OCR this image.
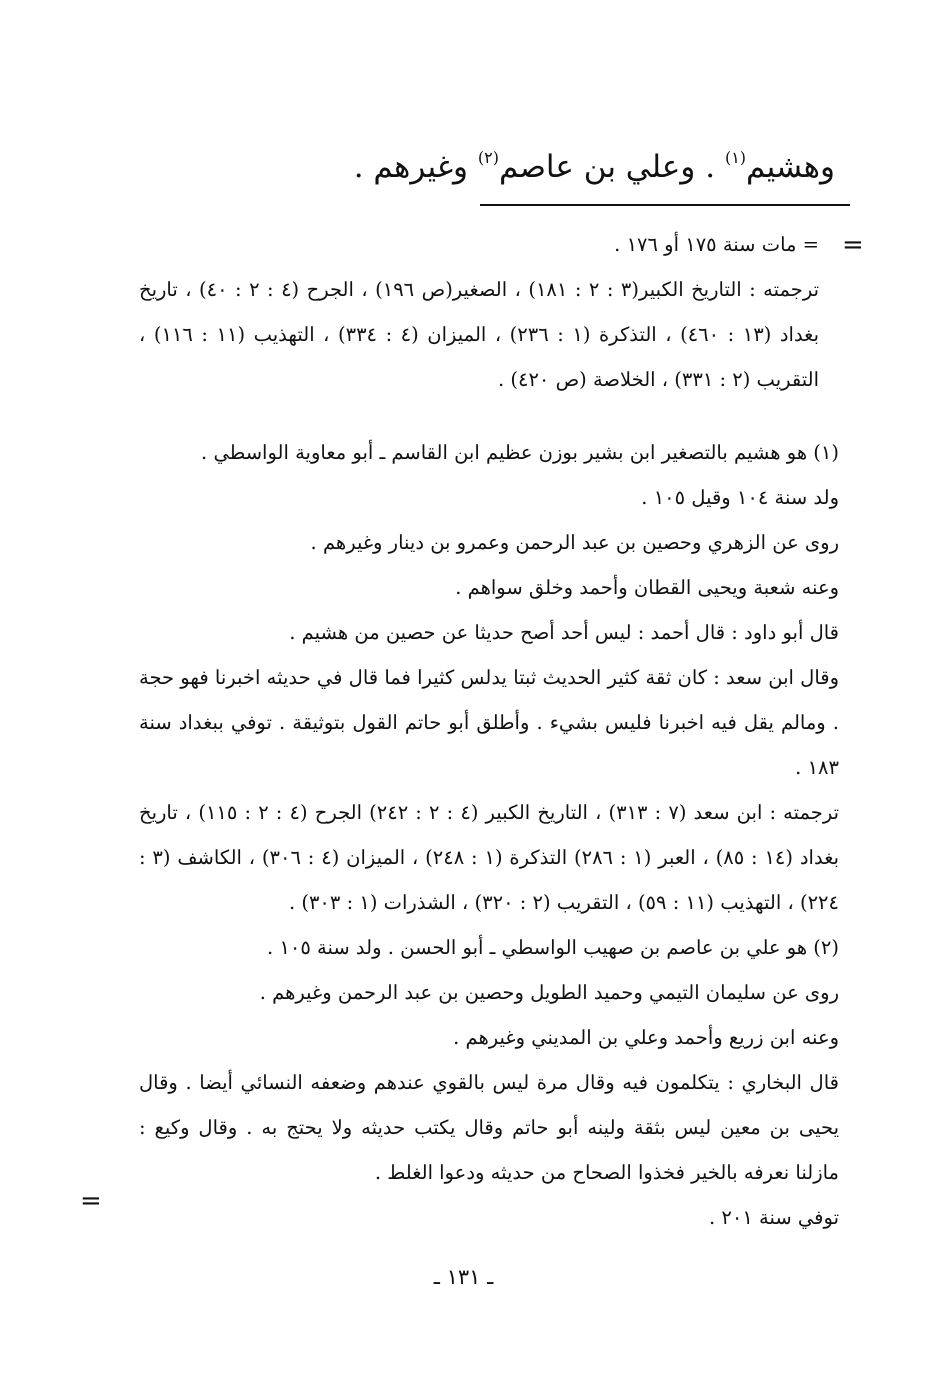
وهشيم$^{(١)}$ . وعلي بن عاصم$^{(٢)}$ وغيرهم .

= مات سنة ١٧٥ أو ١٧٦ .

ترجمته : التاريخ الكبير(٣ : ٢ : ١٨١) ، الصغير(ص ١٩٦) ، الجرح (٤ : ٢ : ٤٠) ، تاريخ بغداد (١٣ : ٤٦٠) ، التذكرة (١ : ٢٣٦) ، الميزان (٤ : ٣٣٤) ، التهذيب (١١ : ١١٦) ، التقريب (٢ : ٣٣١) ، الخلاصة (ص ٤٢٠) .

(١) هو هشيم بالتصغير ابن بشير بوزن عظيم ابن القاسم ـ أبو معاوية الواسطي .

ولد سنة ١٠٤ وقيل ١٠٥ .

روى عن الزهري وحصين بن عبد الرحمن وعمرو بن دينار وغيرهم .

وعنه شعبة ويحيى القطان وأحمد وخلق سواهم .

قال أبو داود : قال أحمد : ليس أحد أصح حديثا عن حصين من هشيم .

وقال ابن سعد : كان ثقة كثير الحديث ثبتا يدلس كثيرا فما قال في حديثه اخبرنا فهو حجة . ومالم يقل فيه اخبرنا فليس بشيء . وأطلق أبو حاتم القول بتوثيقة . توفي ببغداد سنة ١٨٣ .

ترجمته : ابن سعد (٧ : ٣١٣) ، التاريخ الكبير (٤ : ٢ : ٢٤٢) الجرح (٤ : ٢ : ١١٥) ، تاريخ بغداد (١٤ : ٨٥) ، العبر (١ : ٢٨٦) التذكرة (١ : ٢٤٨) ، الميزان (٤ : ٣٠٦) ، الكاشف (٣ : ٢٢٤) ، التهذيب (١١ : ٥٩) ، التقريب (٢ : ٣٢٠) ، الشذرات (١ : ٣٠٣) .

(٢) هو علي بن عاصم بن صهيب الواسطي ـ أبو الحسن . ولد سنة ١٠٥ .

روى عن سليمان التيمي وحميد الطويل وحصين بن عبد الرحمن وغيرهم .

وعنه ابن زريع وأحمد وعلي بن المديني وغيرهم .

قال البخاري : يتكلمون فيه وقال مرة ليس بالقوي عندهم وضعفه النسائي أيضا . وقال يحيى بن معين ليس بثقة ولينه أبو حاتم وقال يكتب حديثه ولا يحتج به . وقال وكيع : مازلنا نعرفه بالخير فخذوا الصحاح من حديثه ودعوا الغلط .

توفي سنة ٢٠١ .

=
=
ـ ١٣١ ـ
